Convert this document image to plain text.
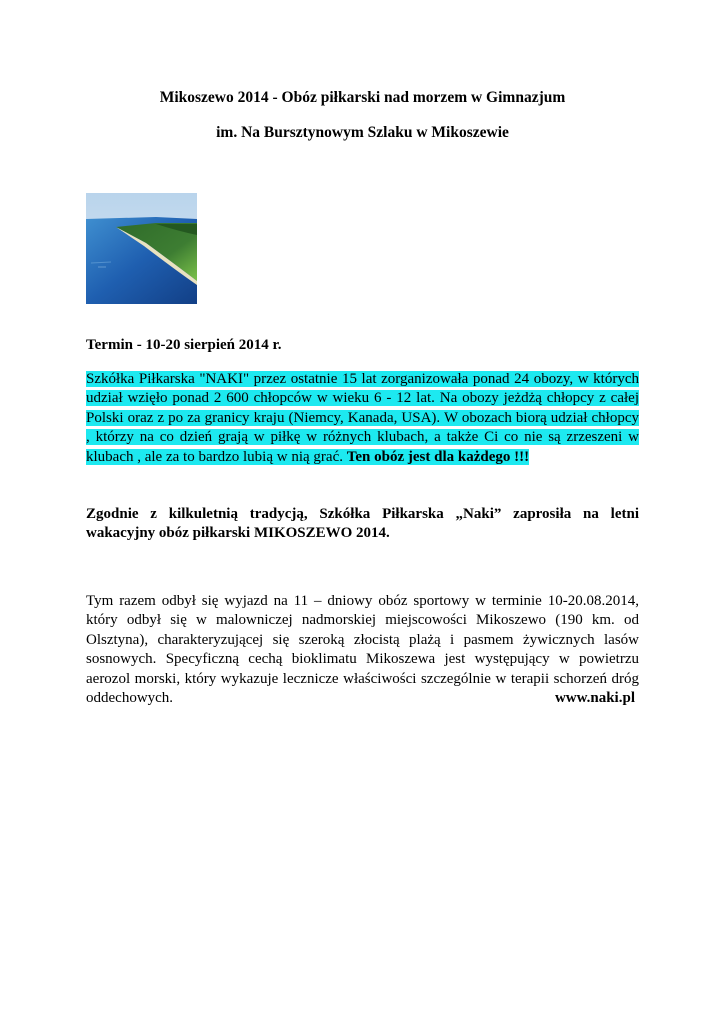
Mikoszewo 2014 - Obóz piłkarski nad morzem w Gimnazjum

im. Na Bursztynowym Szlaku w Mikoszewie

Termin - 10-20 sierpień 2014 r.

Szkółka Piłkarska "NAKI" przez ostatnie 15 lat zorganizowała ponad 24 obozy, w których udział wzięło ponad 2 600 chłopców w wieku 6 - 12 lat. Na obozy jeżdżą chłopcy z całej Polski oraz z po za granicy kraju (Niemcy, Kanada, USA). W obozach biorą udział chłopcy , którzy na co dzień grają w piłkę w różnych klubach, a także Ci co nie są zrzeszeni w klubach , ale za to bardzo lubią w nią grać. Ten obóz jest dla każdego !!!

Zgodnie z kilkuletnią tradycją, Szkółka Piłkarska „Naki” zaprosiła na letni wakacyjny obóz piłkarski MIKOSZEWO 2014.

Tym razem odbył się wyjazd na 11 – dniowy obóz sportowy w terminie 10-20.08.2014, który odbył się w malowniczej nadmorskiej miejscowości Mikoszewo (190 km. od Olsztyna), charakteryzującej się szeroką złocistą plażą i pasmem żywicznych lasów sosnowych. Specyficzną cechą bioklimatu Mikoszewa jest występujący w powietrzu aerozol morski, który wykazuje lecznicze właściwości szczególnie w terapii schorzeń dróg oddechowych.	www.naki.pl
